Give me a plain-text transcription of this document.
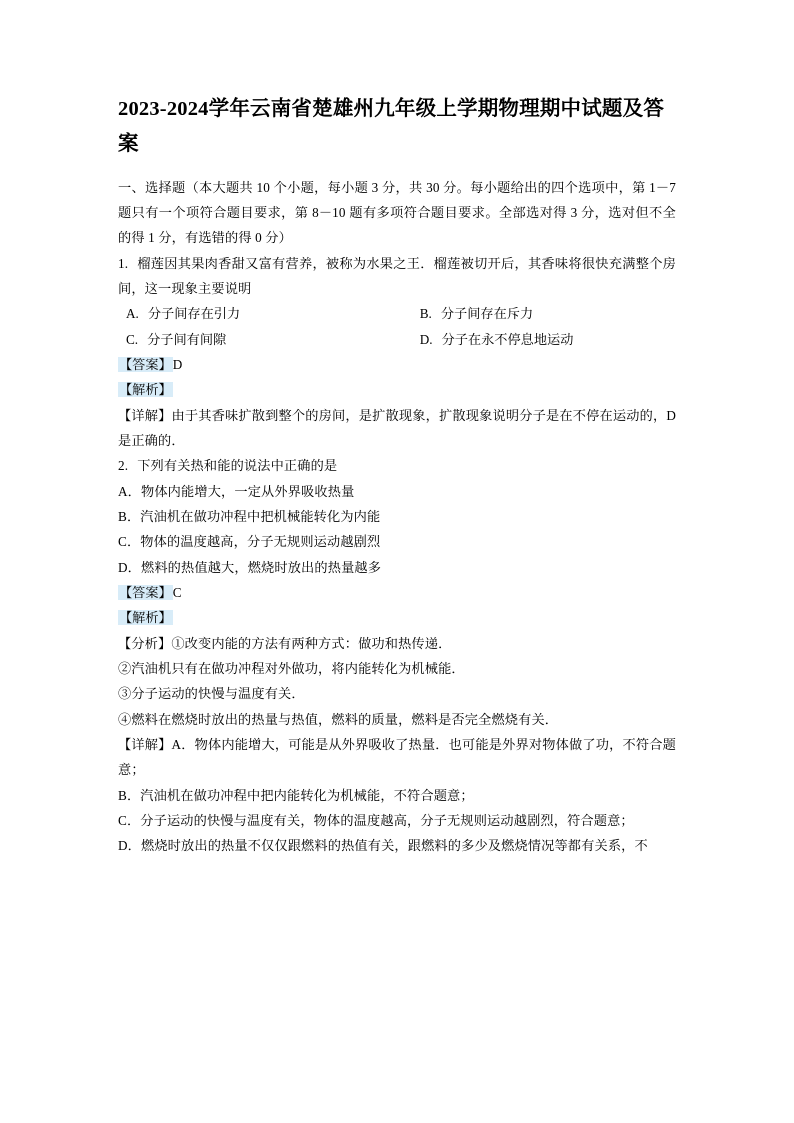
2023-2024学年云南省楚雄州九年级上学期物理期中试题及答案

一、选择题（本大题共 10 个小题，每小题 3 分，共 30 分。每小题给出的四个选项中，第 1－7 题只有一个项符合题目要求，第 8－10 题有多项符合题目要求。全部选对得 3 分，选对但不全的得 1 分，有选错的得 0 分）

1. 榴莲因其果肉香甜又富有营养，被称为水果之王．榴莲被切开后，其香味将很快充满整个房间，这一现象主要说明

A. 分子间存在引力	B. 分子间存在斥力
C. 分子间有间隙	D. 分子在永不停息地运动

【答案】D

【解析】

【详解】由于其香味扩散到整个的房间，是扩散现象，扩散现象说明分子是在不停在运动的，D 是正确的．

2. 下列有关热和能的说法中正确的是

A．物体内能增大，一定从外界吸收热量

B．汽油机在做功冲程中把机械能转化为内能

C．物体的温度越高，分子无规则运动越剧烈

D．燃料的热值越大，燃烧时放出的热量越多

【答案】C

【解析】

【分析】①改变内能的方法有两种方式：做功和热传递．

②汽油机只有在做功冲程对外做功，将内能转化为机械能．

③分子运动的快慢与温度有关．

④燃料在燃烧时放出的热量与热值，燃料的质量，燃料是否完全燃烧有关．

【详解】A．物体内能增大，可能是从外界吸收了热量．也可能是外界对物体做了功，不符合题意；

B．汽油机在做功冲程中把内能转化为机械能，不符合题意；

C．分子运动的快慢与温度有关，物体的温度越高，分子无规则运动越剧烈，符合题意；

D．燃烧时放出的热量不仅仅跟燃料的热值有关，跟燃料的多少及燃烧情况等都有关系，不
